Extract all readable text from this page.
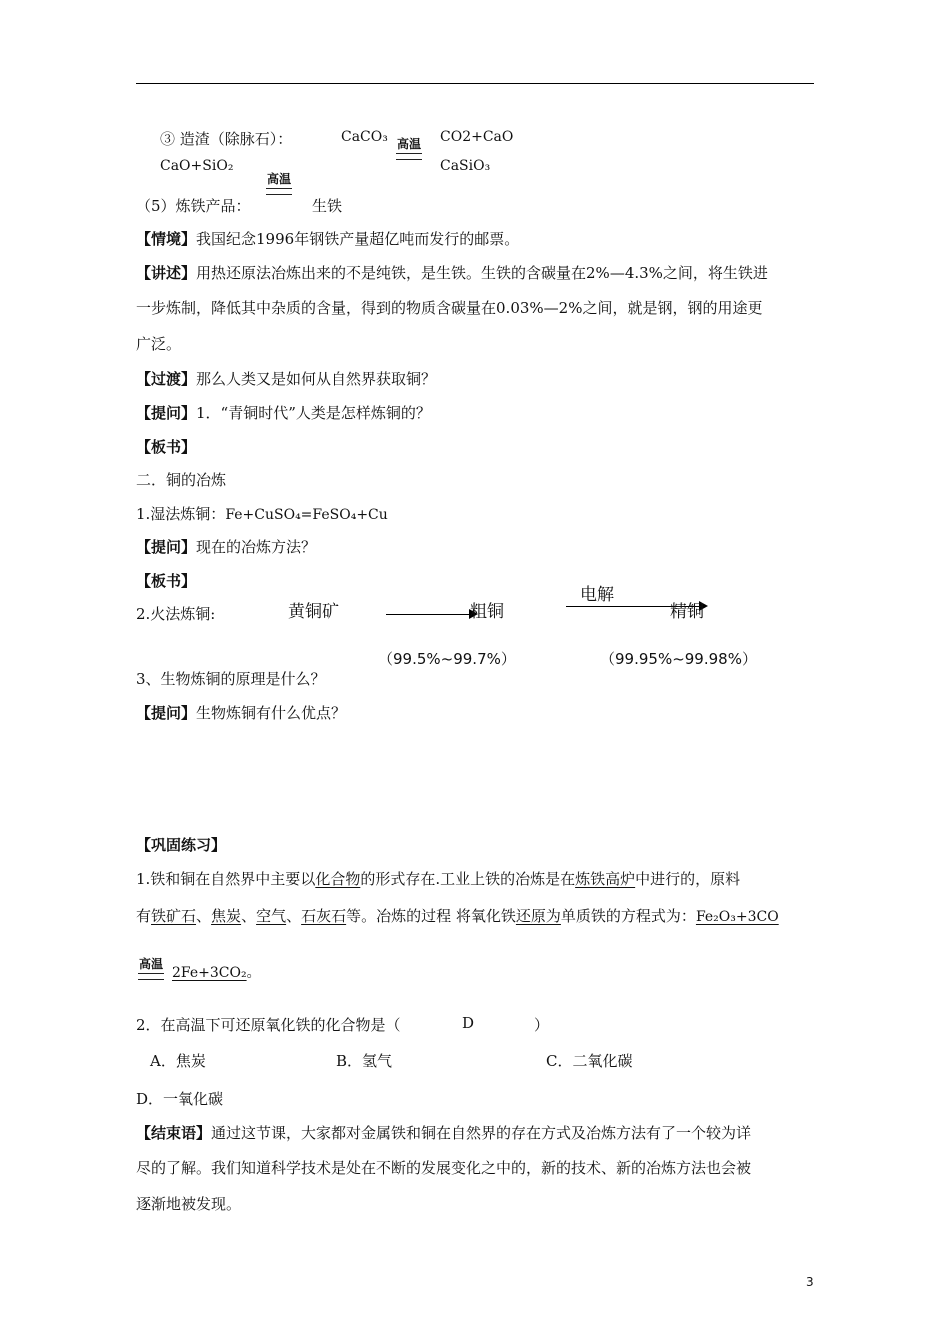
③ 造渣（除脉石）：	CaCO₃ 高温 CO2+CaO
CaO+SiO₂
高温
CaSiO₃
（5）炼铁产品：	生铁
【情境】我国纪念1996年钢铁产量超亿吨而发行的邮票。
【讲述】用热还原法冶炼出来的不是纯铁，是生铁。生铁的含碳量在2%—4.3%之间，将生铁进
一步炼制，降低其中杂质的含量，得到的物质含碳量在0.03%—2%之间，就是钢，钢的用途更
广泛。
【过渡】那么人类又是如何从自然界获取铜？
【提问】1．“青铜时代”人类是怎样炼铜的？
【板书】
二．铜的冶炼
1.湿法炼铜：Fe+CuSO₄=FeSO₄+Cu
【提问】现在的冶炼方法？
【板书】
2.火法炼铜:	黄铜矿	粗铜
电解
精铜
（99.5%~99.7%）	（99.95%~99.98%）
3、生物炼铜的原理是什么？
【提问】生物炼铜有什么优点？
【巩固练习】
1.铁和铜在自然界中主要以化合物的形式存在.工业上铁的冶炼是在炼铁高炉中进行的，原料
有铁矿石、焦炭、空气、石灰石等。冶炼的过程 将氧化铁还原为单质铁的方程式为：Fe₂O₃+3CO
高温
2Fe+3CO₂。
2．在高温下可还原氧化铁的化合物是（	D	）
A．焦炭	B．氢气	C．二氧化碳
D．一氧化碳
【结束语】通过这节课，大家都对金属铁和铜在自然界的存在方式及冶炼方法有了一个较为详
尽的了解。我们知道科学技术是处在不断的发展变化之中的，新的技术、新的冶炼方法也会被
逐渐地被发现。
3
